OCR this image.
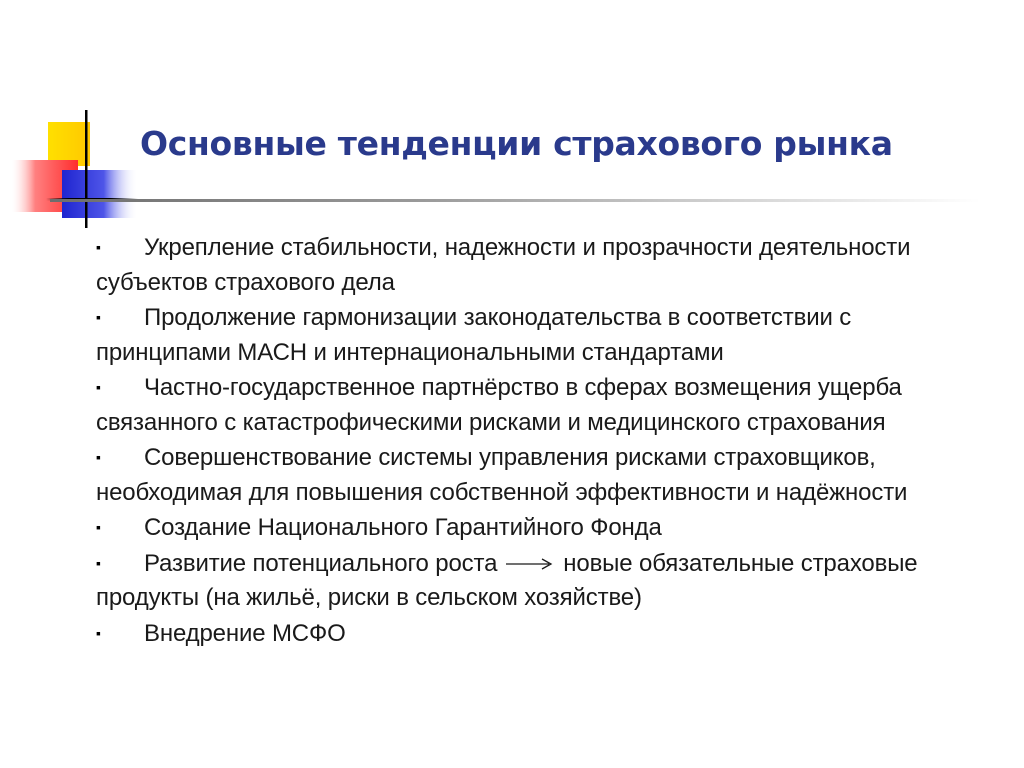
Основные тенденции страхового рынка

▪ Укрепление стабильности, надежности и прозрачности деятельности субъектов страхового дела

▪ Продолжение гармонизации законодательства в соответствии с принципами МАСН и интернациональными стандартами

▪ Частно-государственное партнёрство в сферах возмещения ущерба связанного с катастрофическими рисками и медицинского страхования

▪ Совершенствование системы управления рисками страховщиков, необходимая для повышения собственной эффективности и надёжности

▪ Создание Национального Гарантийного Фонда

▪ Развитие потенциального роста	новые обязательные страховые продукты (на жильё, риски в сельском хозяйстве)

▪ Внедрение МСФО
